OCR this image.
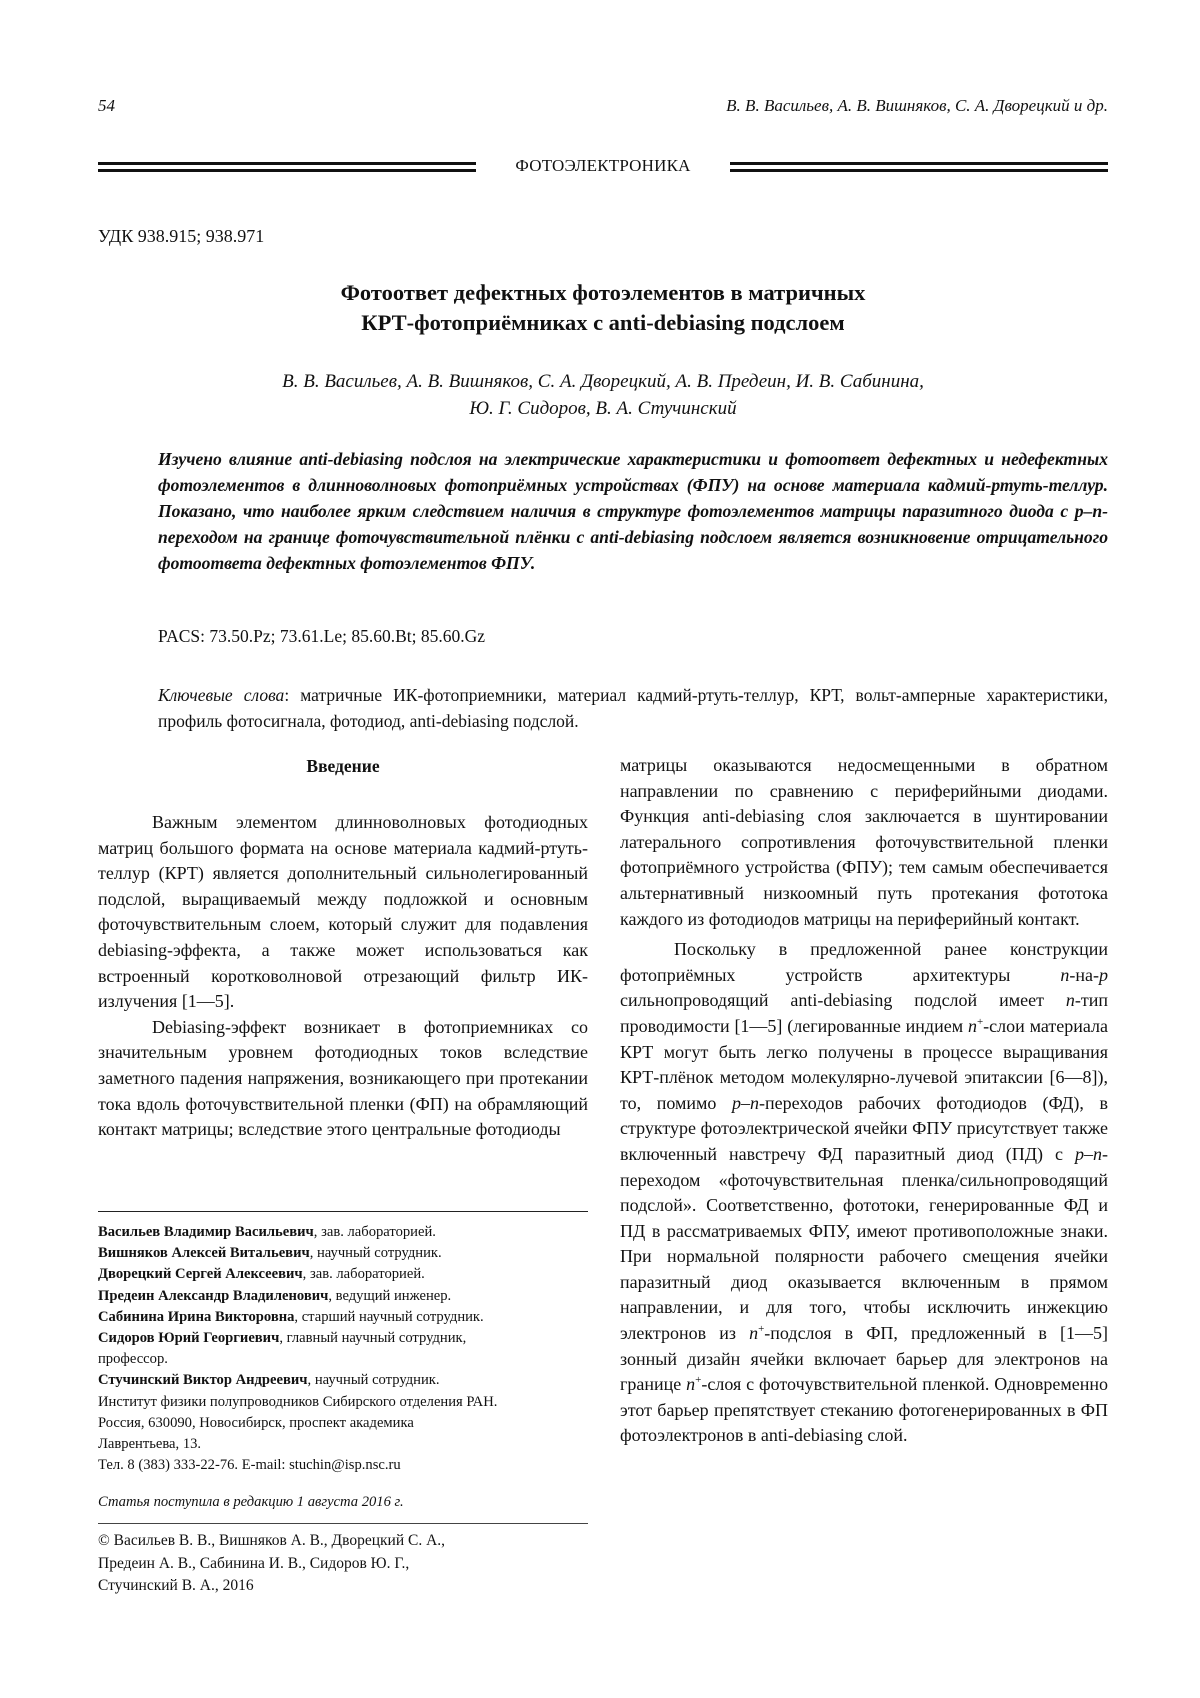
54	В. В. Васильев, А. В. Вишняков, С. А. Дворецкий и др.
ФОТОЭЛЕКТРОНИКА
УДК 938.915; 938.971
Фотоответ дефектных фотоэлементов в матричных
КРТ-фотоприёмниках с anti-debiasing подслоем
В. В. Васильев, А. В. Вишняков, С. А. Дворецкий, А. В. Предеин, И. В. Сабинина,
Ю. Г. Сидоров, В. А. Стучинский
Изучено влияние anti-debiasing подслоя на электрические характеристики и фотоответ дефектных и недефектных фотоэлементов в длинноволновых фотоприёмных устройствах (ФПУ) на основе материала кадмий-ртуть-теллур. Показано, что наиболее ярким следствием наличия в структуре фотоэлементов матрицы паразитного диода с p–n-переходом на границе фоточувствительной плёнки с anti-debiasing подслоем является возникновение отрицательного фотоответа дефектных фотоэлементов ФПУ.
PACS: 73.50.Pz; 73.61.Le; 85.60.Bt; 85.60.Gz
Ключевые слова: матричные ИК-фотоприемники, материал кадмий-ртуть-теллур, КРТ, вольт-амперные характеристики, профиль фотосигнала, фотодиод, anti-debiasing подслой.
Введение

Важным элементом длинноволновых фотодиодных матриц большого формата на основе материала кадмий-ртуть-теллур (КРТ) является дополнительный сильнолегированный подслой, выращиваемый между подложкой и основным фоточувствительным слоем, который служит для подавления debiasing-эффекта, а также может использоваться как встроенный коротковолновой отрезающий фильтр ИК-излучения [1—5].

Debiasing-эффект возникает в фотоприемниках со значительным уровнем фотодиодных токов вследствие заметного падения напряжения, возникающего при протекании тока вдоль фоточувствительной пленки (ФП) на обрамляющий контакт матрицы; вследствие этого центральные фотодиоды

матрицы оказываются недосмещенными в обратном направлении по сравнению с периферийными диодами. Функция anti-debiasing слоя заключается в шунтировании латерального сопротивления фоточувствительной пленки фотоприёмного устройства (ФПУ); тем самым обеспечивается альтернативный низкоомный путь протекания фототока каждого из фотодиодов матрицы на периферийный контакт.

Поскольку в предложенной ранее конструкции фотоприёмных устройств архитектуры n-на-p сильнопроводящий anti-debiasing подслой имеет n-тип проводимости [1—5] (легированные индием n+-слои материала КРТ могут быть легко получены в процессе выращивания КРТ-плёнок методом молекулярно-лучевой эпитаксии [6—8]), то, помимо p–n-переходов рабочих фотодиодов (ФД), в структуре фотоэлектрической ячейки ФПУ присутствует также включенный навстречу ФД паразитный диод (ПД) с p–n-переходом «фоточувствительная пленка/сильнопроводящий подслой». Соответственно, фототоки, генерированные ФД и ПД в рассматриваемых ФПУ, имеют противоположные знаки. При нормальной полярности рабочего смещения ячейки паразитный диод оказывается включенным в прямом направлении, и для того, чтобы исключить инжекцию электронов из n+-подслоя в ФП, предложенный в [1—5] зонный дизайн ячейки включает барьер для электронов на границе n+-слоя с фоточувствительной пленкой. Одновременно этот барьер препятствует стеканию фотогенерированных в ФП фотоэлектронов в anti-debiasing слой.

Васильев Владимир Васильевич, зав. лабораторией.
Вишняков Алексей Витальевич, научный сотрудник.
Дворецкий Сергей Алексеевич, зав. лабораторией.
Предеин Александр Владиленович, ведущий инженер.
Сабинина Ирина Викторовна, старший научный сотрудник.
Сидоров Юрий Георгиевич, главный научный сотрудник,
профессор.
Стучинский Виктор Андреевич, научный сотрудник.
Институт физики полупроводников Сибирского отделения РАН.
Россия, 630090, Новосибирск, проспект академика
Лаврентьева, 13.
Тел. 8 (383) 333-22-76. E-mail: stuchin@isp.nsc.ru
Статья поступила в редакцию 1 августа 2016 г.
© Васильев В. В., Вишняков А. В., Дворецкий С. А.,
Предеин А. В., Сабинина И. В., Сидоров Ю. Г.,
Стучинский В. А., 2016
